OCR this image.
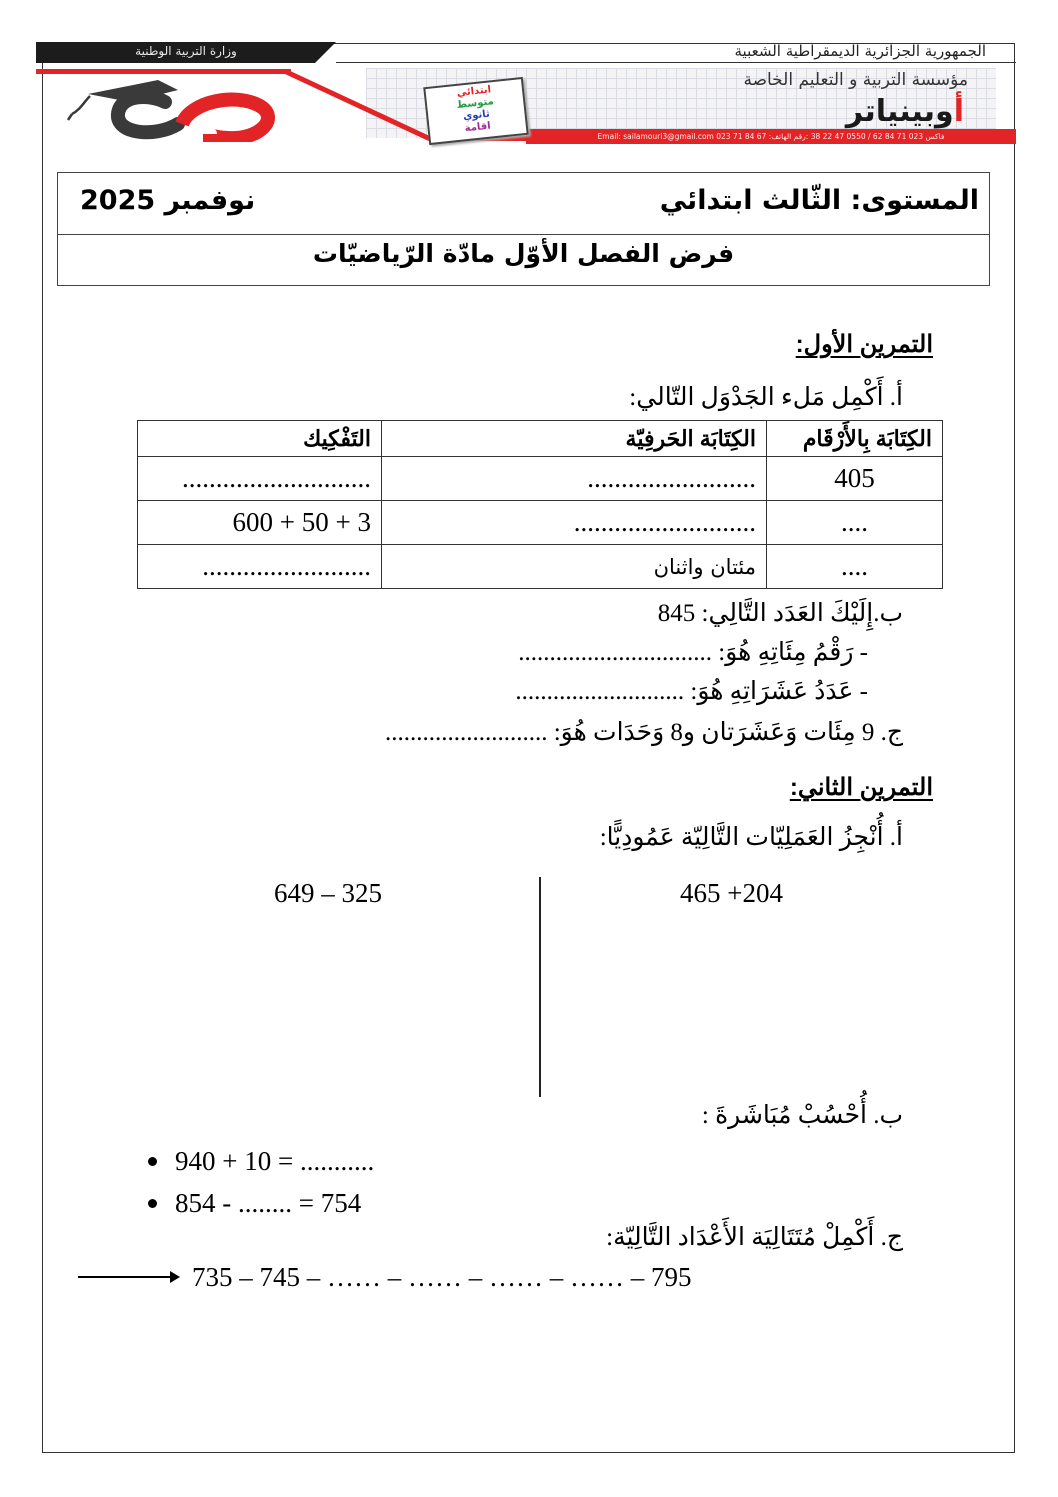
وزارة التربية الوطنية	الجمهورية الجزائرية الديمقراطية الشعبية
Email: sailamouri3@gmail.com 023 71 84 67 :فاكس 023 71 84 62 / 0550 47 22 38 :رقم الهاتف
مؤسسة التربية و التعليم الخاصة
أوبينياتر
ابتدائي
متوسط
ثانوي
اقامة
المستوى: الثّالث ابتدائي
نوفمبر 2025
فرض الفصل الأوّل مادّة الرّياضيّات
التمرين الأول:
أ. أَكْمِل مَلء الجَدْوَل التّالي:
الكِتَابَة بِالأَرْقَام	الكِتَابَة الحَرفِيّة	التَفْكِيك
405	.........................	............................
....	...........................	600 + 50 + 3
....	مئتان واثنان	.........................
ب.إِلَيْكَ العَدَد التَّالِي: 845
- رَقْمُ مِئَاتِهِ هُوَ: ...............................
- عَدَدُ عَشَرَاتِهِ هُوَ: ...........................
ج. 9 مِئَات وَعَشَرَتان و8 وَحَدَات هُوَ: ..........................
التمرين الثاني:
أ. أُنْجِزُ العَمَلِيّات التَّالِيّة عَمُودِيًّا:
465 +204
649 – 325
ب. أُحْسُبْ مُبَاشَرةَ :
940 + 10 = ...........
854 - ........ = 754
ج. أَكْمِلْ مُتَتَالِيَة الأَعْدَاد التَّالِيّة:
735 – 745 – …… – …… – …… – …… – 795
